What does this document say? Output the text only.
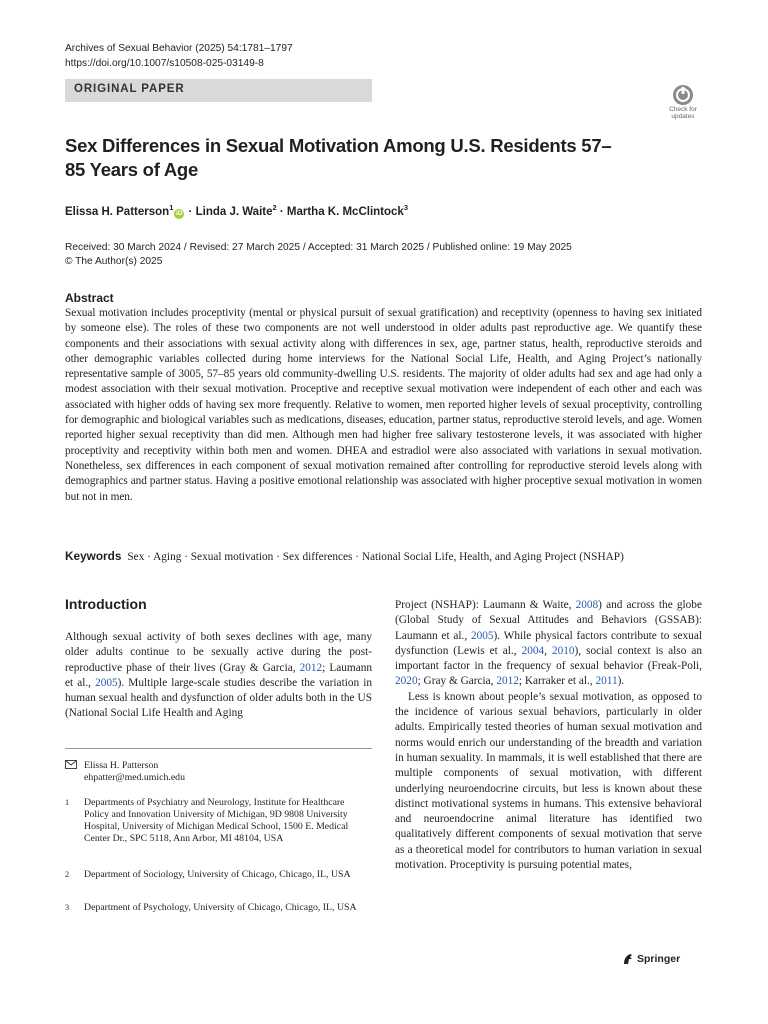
Archives of Sexual Behavior (2025) 54:1781–1797
https://doi.org/10.1007/s10508-025-03149-8
ORIGINAL PAPER
Check for
updates
Sex Differences in Sexual Motivation Among U.S. Residents 57–85 Years of Age
Elissa H. Patterson$^1$iD · Linda J. Waite$^2$ · Martha K. McClintock$^3$
Received: 30 March 2024 / Revised: 27 March 2025 / Accepted: 31 March 2025 / Published online: 19 May 2025
© The Author(s) 2025
Abstract
Sexual motivation includes proceptivity (mental or physical pursuit of sexual gratification) and receptivity (openness to having sex initiated by someone else). The roles of these two components are not well understood in older adults past reproductive age. We quantify these components and their associations with sexual activity along with differences in sex, age, partner status, health, reproductive steroids and other demographic variables collected during home interviews for the National Social Life, Health, and Aging Project’s nationally representative sample of 3005, 57–85 years old community-dwelling U.S. residents. The majority of older adults had sex and age had only a modest association with their sexual motivation. Proceptive and receptive sexual motivation were independent of each other and each was associated with higher odds of having sex more frequently. Relative to women, men reported higher levels of sexual proceptivity, controlling for demographic and biological variables such as medications, diseases, education, partner status, reproductive steroid levels, and age. Women reported higher sexual receptivity than did men. Although men had higher free salivary testosterone levels, it was associated with higher proceptivity and receptivity within both men and women. DHEA and estradiol were also associated with variations in sexual motivation. Nonetheless, sex differences in each component of sexual motivation remained after controlling for reproductive steroid levels along with demographics and partner status. Having a positive emotional relationship was associated with higher proceptive sexual motivation in women but not in men.
Keywords Sex · Aging · Sexual motivation · Sex differences · National Social Life, Health, and Aging Project (NSHAP)
Introduction
Although sexual activity of both sexes declines with age, many older adults continue to be sexually active during the post-reproductive phase of their lives (Gray & Garcia, 2012; Laumann et al., 2005). Multiple large-scale studies describe the variation in human sexual health and dysfunction of older adults both in the US (National Social Life Health and Aging
Elissa H. Patterson
ehpatter@med.umich.edu
1 Departments of Psychiatry and Neurology, Institute for Healthcare Policy and Innovation University of Michigan, 9D 9808 University Hospital, University of Michigan Medical School, 1500 E. Medical Center Dr., SPC 5118, Ann Arbor, MI 48104, USA
2 Department of Sociology, University of Chicago, Chicago, IL, USA
3 Department of Psychology, University of Chicago, Chicago, IL, USA
Project (NSHAP): Laumann & Waite, 2008) and across the globe (Global Study of Sexual Attitudes and Behaviors (GSSAB): Laumann et al., 2005). While physical factors contribute to sexual dysfunction (Lewis et al., 2004, 2010), social context is also an important factor in the frequency of sexual behavior (Freak-Poli, 2020; Gray & Garcia, 2012; Karraker et al., 2011).
Less is known about people’s sexual motivation, as opposed to the incidence of various sexual behaviors, particularly in older adults. Empirically tested theories of human sexual motivation and norms would enrich our understanding of the breadth and variation in human sexuality. In mammals, it is well established that there are multiple components of sexual motivation, with different underlying neuroendocrine circuits, but less is known about these distinct motivational systems in humans. This extensive behavioral and neuroendocrine animal literature has identified two qualitatively different components of sexual motivation that serve as a theoretical model for contributors to human variation in sexual motivation. Proceptivity is pursuing potential mates,
Springer
